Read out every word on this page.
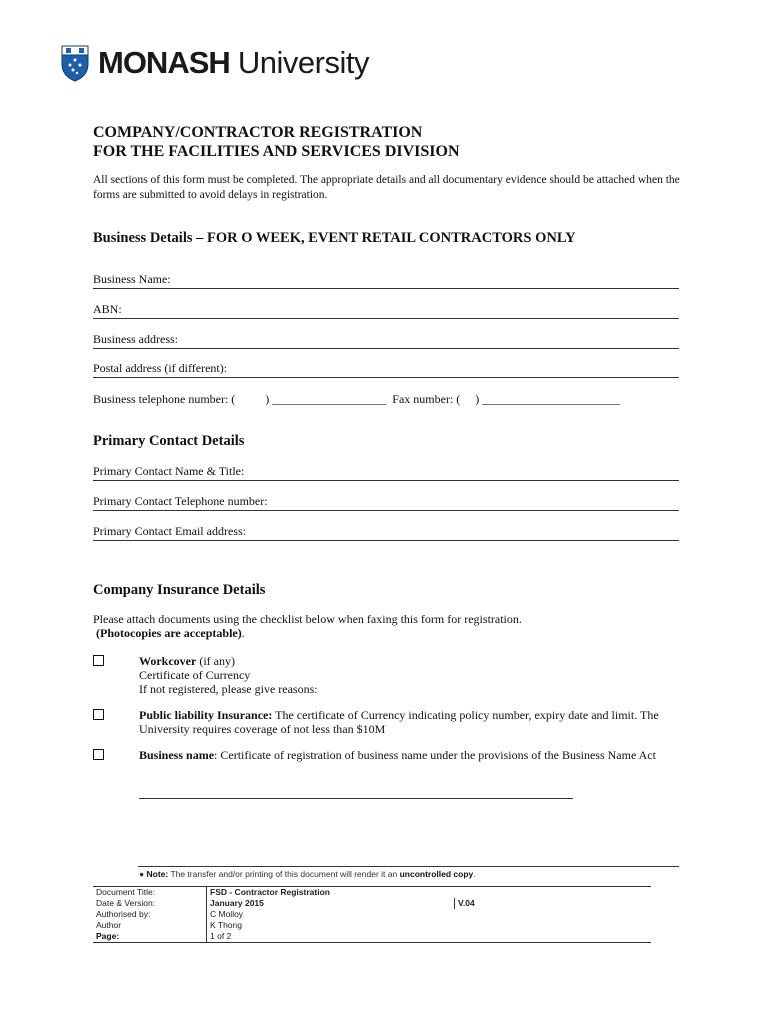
MONASH University
COMPANY/CONTRACTOR REGISTRATION
FOR THE FACILITIES AND SERVICES DIVISION
All sections of this form must be completed. The appropriate details and all documentary evidence should be attached when the forms are submitted to avoid delays in registration.
Business Details – FOR O WEEK, EVENT RETAIL CONTRACTORS ONLY
Business Name:
ABN:
Business address:
Postal address (if different):
Business telephone number: (          ) ___________________  Fax number: (     ) _______________________
Primary Contact Details
Primary Contact Name & Title:
Primary Contact Telephone number:
Primary Contact Email address:
Company Insurance Details
Please attach documents using the checklist below when faxing this form for registration.
(Photocopies are acceptable).
Workcover (if any)
Certificate of Currency
If not registered, please give reasons:
Public liability Insurance: The certificate of Currency indicating policy number, expiry date and limit. The University requires coverage of not less than $10M
Business name: Certificate of registration of business name under the provisions of the Business Name Act
● Note: The transfer and/or printing of this document will render it an uncontrolled copy.
Document Title:	FSD - Contractor Registration	
Date & Version:	January 2015	V.04
Authorised by:	C Molloy	
Author	K Thong	
Page:	1 of 2	
